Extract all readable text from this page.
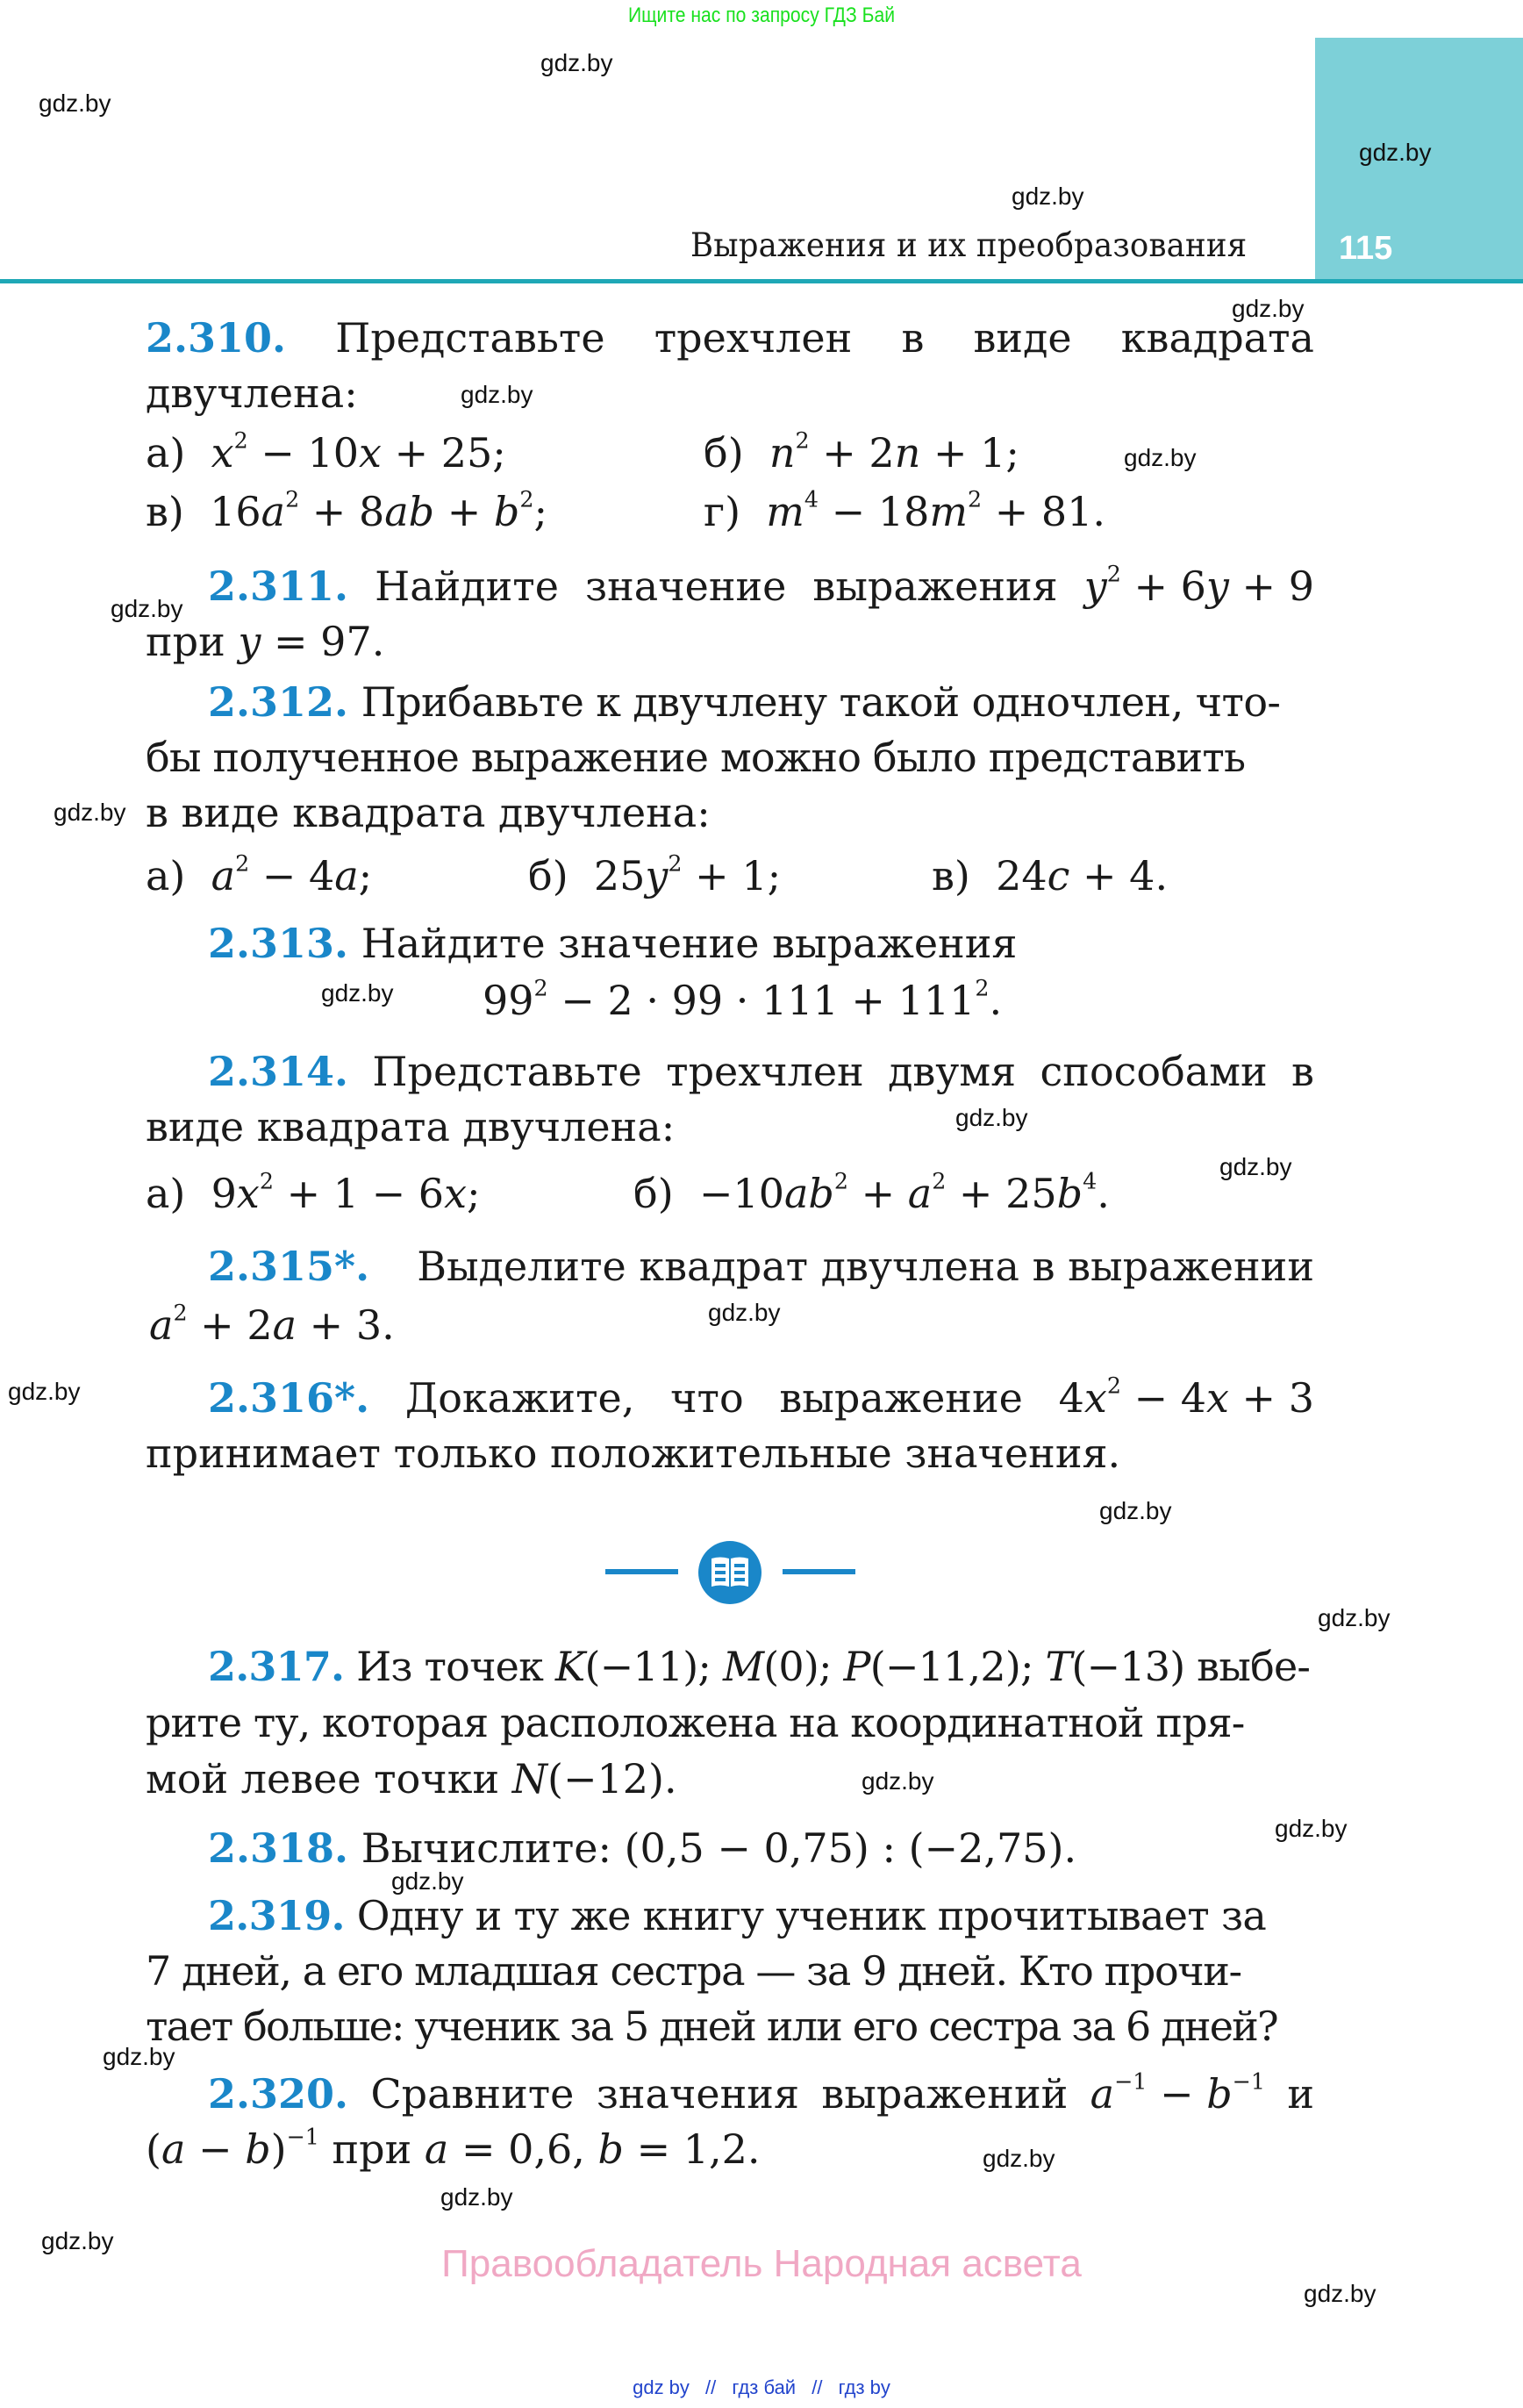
Ищите нас по запросу ГДЗ Бай
115
Выражения и их преобразования
2.310. Представьте трехчлен в виде квадрата
двучлена:
а)  $x^2 - 10x + 25$;	б)  $n^2 + 2n + 1$;
в)  $16a^2 + 8ab + b^2$;	г) $m^4 - 18m^2 + 81$.
2.311. Найдите значение выражения $y^2 + 6y + 9$
при y = 97.
2.312. Прибавьте к двучлену такой одночлен, что-
бы полученное выражение можно было представить
в виде квадрата двучлена:
а) $a^2 - 4a$;	б)  $25y^2 + 1$;	в)  24c + 4.
2.313. Найдите значение выражения
$99^2 - 2 \cdot 99 \cdot 111 + 111^2$.
2.314. Представьте трехчлен двумя способами в
виде квадрата двучлена:
а)  $9x^2 + 1 - 6x$;	$б) -10ab^2 + a^2 + 25b^4$.
2.315*. Выделите квадрат двучлена в выражении
$a^2 + 2a + 3$.
2.316*. Докажите, что выражение $4x^2 - 4x + 3$
принимает только положительные значения.
2.317. Из точек K(−11); M(0); P(−11,2); T(−13) выбе-
рите ту, которая расположена на координатной пря-
мой левее точки N(−12).
2.318. Вычислите: (0,5 − 0,75) : (−2,75).
2.319. Одну и ту же книгу ученик прочитывает за
7 дней, а его младшая сестра — за 9 дней. Кто прочи-
тает больше: ученик за 5 дней или его сестра за 6 дней?
2.320. Сравните значения выражений $a^{-1} - b^{-1}$ и
$(a - b)^{-1}$ при a = 0,6, b = 1,2.
gdz.by
gdz.by
gdz.by
gdz.by
gdz.by
gdz.by
gdz.by
gdz.by
gdz.by
gdz.by
gdz.by
gdz.by
gdz.by
gdz.by
gdz.by
gdz.by
gdz.by
gdz.by
gdz.by
gdz.by
gdz.by
gdz.by
gdz.by
gdz.by
Правообладатель Народная асвета
gdz by // гдз бай // гдз by
